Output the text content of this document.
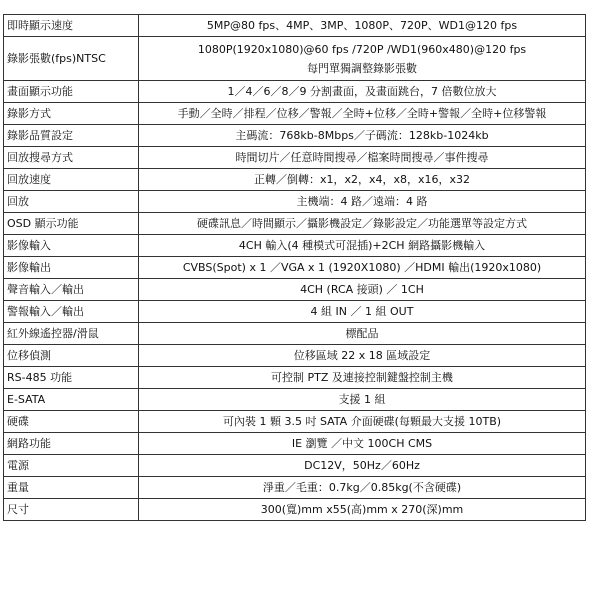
即時顯示速度	5MP@80 fps、4MP、3MP、1080P、720P、WD1@120 fps

錄影張數(fps)NTSC	1080P(1920x1080)@60 fps /720P /WD1(960x480)@120 fps
每門單獨調整錄影張數

畫面顯示功能	1／4／6／8／9 分割畫面，及畫面跳台，7 倍數位放大

錄影方式	手動／全時／排程／位移／警報／全時+位移／全時+警報／全時+位移警報

錄影品質設定	主碼流：768kb-8Mbps／子碼流：128kb-1024kb

回放搜尋方式	時間切片／任意時間搜尋／檔案時間搜尋／事件搜尋

回放速度	正轉／倒轉：x1，x2，x4，x8，x16，x32

回放	主機端：4 路／遠端：4 路

OSD 顯示功能	硬碟訊息／時間顯示／攝影機設定／錄影設定／功能選單等設定方式

影像輸入	4CH 輸入(4 種模式可混插)+2CH 網路攝影機輸入

影像輸出	CVBS(Spot) x 1 ／VGA x 1 (1920X1080) ／HDMI 輸出(1920x1080)

聲音輸入／輸出	4CH (RCA 接頭) ／ 1CH

警報輸入／輸出	4 組 IN ／ 1 組 OUT

紅外線遙控器/滑鼠	標配品

位移偵測	位移區域 22 x 18 區域設定

RS-485 功能	可控制 PTZ 及連接控制鍵盤控制主機

E-SATA	支援 1 組

硬碟	可內裝 1 顆 3.5 吋 SATA 介面硬碟(每顆最大支援 10TB)

網路功能	IE 瀏覽 ／中文 100CH CMS

電源	DC12V，50Hz／60Hz

重量	淨重／毛重：0.7kg／0.85kg(不含硬碟)

尺寸	300(寬)mm x55(高)mm x 270(深)mm
